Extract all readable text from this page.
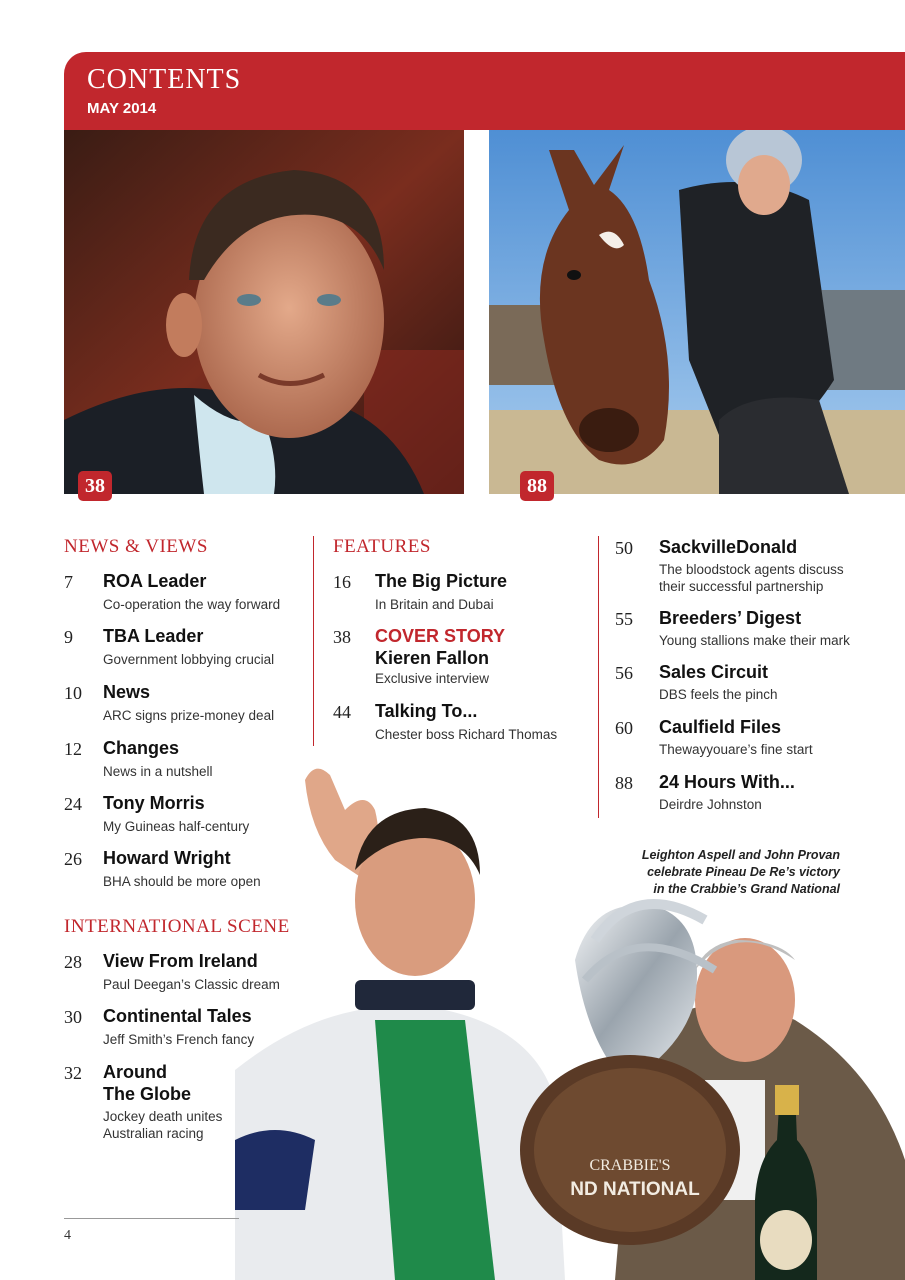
CONTENTS
MAY 2014
38	88
CRABBIE'S
ND NATIONAL
NEWS & VIEWS	FEATURES
INTERNATIONAL SCENE
7 ROA Leader
Co-operation the way forward
9 TBA Leader
Government lobbying crucial
10 News
ARC signs prize-money deal
12 Changes
News in a nutshell
24 Tony Morris
My Guineas half-century
26 Howard Wright
BHA should be more open
28 View From Ireland
Paul Deegan’s Classic dream
30 Continental Tales
Jeff Smith’s French fancy
32 Around
The Globe
Jockey death unites
Australian racing
16 The Big Picture
In Britain and Dubai
38 COVER STORY
Kieren Fallon
Exclusive interview
44 Talking To...
Chester boss Richard Thomas
50 SackvilleDonald
The bloodstock agents discuss
their successful partnership
55 Breeders’ Digest
Young stallions make their mark
56 Sales Circuit
DBS feels the pinch
60 Caulfield Files
Thewayyouare’s fine start
88 24 Hours With...
Deirdre Johnston
Leighton Aspell and John Provan
celebrate Pineau De Re’s victory
in the Crabbie’s Grand National
4
